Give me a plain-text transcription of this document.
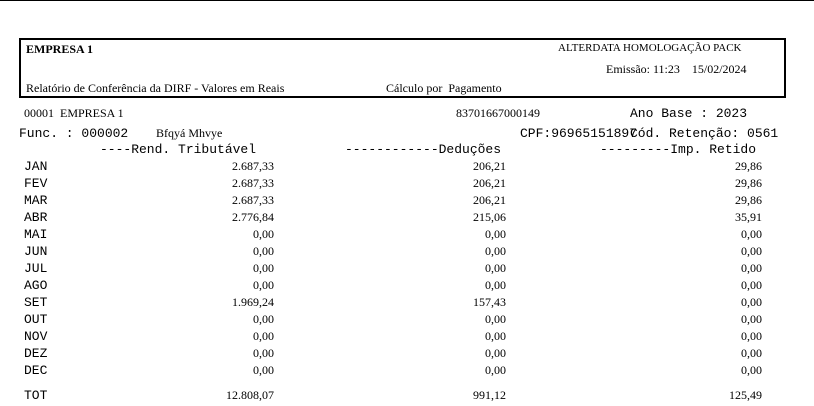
EMPRESA 1	ALTERDATA HOMOLOGAÇÃO PACK
Emissão: 11:23    15/02/2024
Relatório de Conferência da DIRF - Valores em Reais	Cálculo por  Pagamento
00001  EMPRESA 1	83701667000149	Ano Base : 2023
Func. : 000002 Bfqyá Mhvye	CPF:96965151897
Cód. Retenção: 0561
----Rend. Tributável	------------Deduções	---------Imp. Retido
JAN	2.687,33	206,21	29,86
FEV	2.687,33	206,21	29,86
MAR	2.687,33	206,21	29,86
ABR	2.776,84	215,06	35,91
MAI	0,00	0,00	0,00
JUN	0,00	0,00	0,00
JUL	0,00	0,00	0,00
AGO	0,00	0,00	0,00
SET	1.969,24	157,43	0,00
OUT	0,00	0,00	0,00
NOV	0,00	0,00	0,00
DEZ	0,00	0,00	0,00
DEC	0,00	0,00	0,00
TOT	12.808,07	991,12	125,49
